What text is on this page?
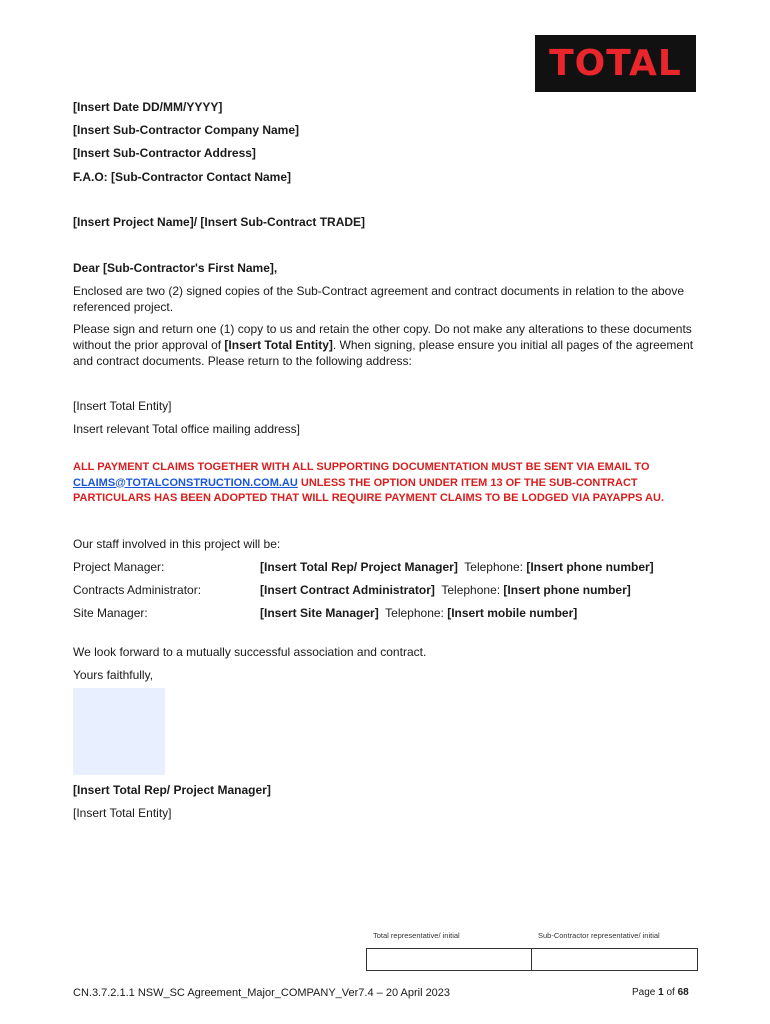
TOTAL
[Insert Date DD/MM/YYYY]
[Insert Sub-Contractor Company Name]
[Insert Sub-Contractor Address]
F.A.O: [Sub-Contractor Contact Name]
[Insert Project Name]/ [Insert Sub-Contract TRADE]
Dear [Sub-Contractor's First Name],
Enclosed are two (2) signed copies of the Sub-Contract agreement and contract documents in relation to the above referenced project.
Please sign and return one (1) copy to us and retain the other copy. Do not make any alterations to these documents without the prior approval of [Insert Total Entity]. When signing, please ensure you initial all pages of the agreement and contract documents. Please return to the following address:
[Insert Total Entity]
Insert relevant Total office mailing address]
ALL PAYMENT CLAIMS TOGETHER WITH ALL SUPPORTING DOCUMENTATION MUST BE SENT VIA EMAIL TO CLAIMS@TOTALCONSTRUCTION.COM.AU UNLESS THE OPTION UNDER ITEM 13 OF THE SUB-CONTRACT PARTICULARS HAS BEEN ADOPTED THAT WILL REQUIRE PAYMENT CLAIMS TO BE LODGED VIA PAYAPPS AU.
Our staff involved in this project will be:
Project Manager:	[Insert Total Rep/ Project Manager]  Telephone: [Insert phone number]
Contracts Administrator:	[Insert Contract Administrator]  Telephone: [Insert phone number]
Site Manager:	[Insert Site Manager]  Telephone: [Insert mobile number]
We look forward to a mutually successful association and contract.
Yours faithfully,
[Insert Total Rep/ Project Manager]
[Insert Total Entity]
Total representative/ initial	Sub-Contractor representative/ initial
CN.3.7.2.1.1 NSW_SC Agreement_Major_COMPANY_Ver7.4 – 20 April 2023	Page 1 of 68
